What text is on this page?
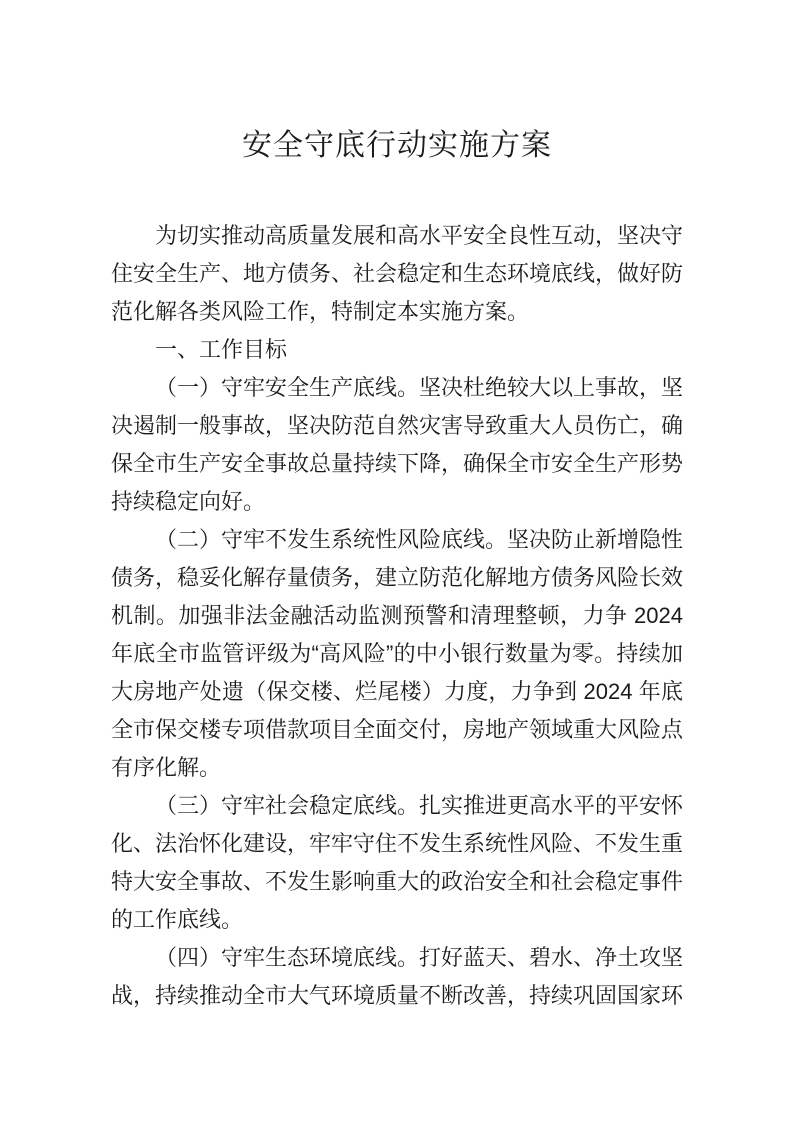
安全守底行动实施方案

为切实推动高质量发展和高水平安全良性互动，坚决守住安全生产、地方债务、社会稳定和生态环境底线，做好防范化解各类风险工作，特制定本实施方案。

一、工作目标

（一）守牢安全生产底线。坚决杜绝较大以上事故，坚决遏制一般事故，坚决防范自然灾害导致重大人员伤亡，确保全市生产安全事故总量持续下降，确保全市安全生产形势持续稳定向好。

（二）守牢不发生系统性风险底线。坚决防止新增隐性债务，稳妥化解存量债务，建立防范化解地方债务风险长效机制。加强非法金融活动监测预警和清理整顿，力争 2024 年底全市监管评级为“高风险”的中小银行数量为零。持续加大房地产处遗（保交楼、烂尾楼）力度，力争到 2024 年底全市保交楼专项借款项目全面交付，房地产领域重大风险点有序化解。

（三）守牢社会稳定底线。扎实推进更高水平的平安怀化、法治怀化建设，牢牢守住不发生系统性风险、不发生重特大安全事故、不发生影响重大的政治安全和社会稳定事件的工作底线。

（四）守牢生态环境底线。打好蓝天、碧水、净土攻坚战，持续推动全市大气环境质量不断改善，持续巩固国家环
